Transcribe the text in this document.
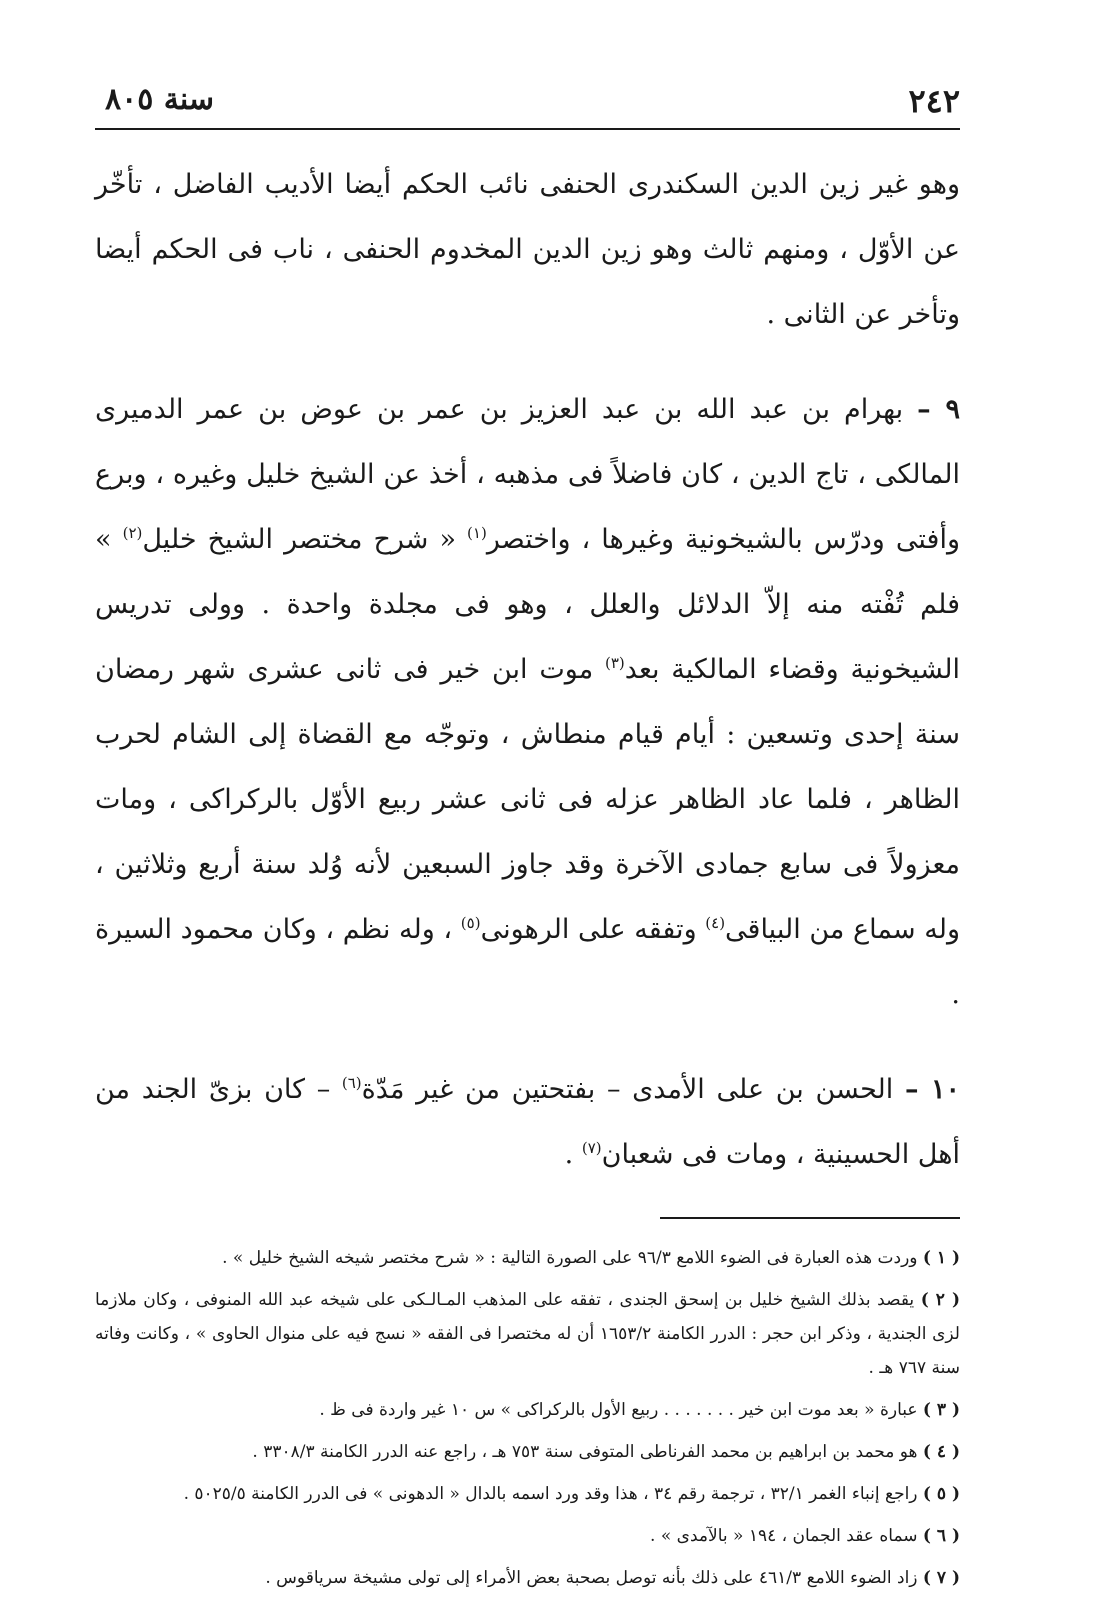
٢٤٢
سنة ٨٠٥

وهو غير زين الدين السكندرى الحنفى نائب الحكم أيضا الأديب الفاضل ، تأخّر عن الأوّل ، ومنهم ثالث وهو زين الدين المخدوم الحنفى ، ناب فى الحكم أيضا وتأخر عن الثانى .

٩ – بهرام بن عبد الله بن عبد العزيز بن عمر بن عوض بن عمر الدميرى المالكى ، تاج الدين ، كان فاضلاً فى مذهبه ، أخذ عن الشيخ خليل وغيره ، وبرع وأفتى ودرّس بالشيخونية وغيرها ، واختصر$^{(١)}$ « شرح مختصر الشيخ خليل$^{(٢)}$ » فلم تُفْته منه إلاّ الدلائل والعلل ، وهو فى مجلدة واحدة . وولى تدريس الشيخونية وقضاء المالكية بعد$^{(٣)}$ موت ابن خير فى ثانى عشرى شهر رمضان سنة إحدى وتسعين : أيام قيام منطاش ، وتوجّه مع القضاة إلى الشام لحرب الظاهر ، فلما عاد الظاهر عزله فى ثانى عشر ربيع الأوّل بالركراكى ، ومات معزولاً فى سابع جمادى الآخرة وقد جاوز السبعين لأنه وُلد سنة أربع وثلاثين ، وله سماع من البياقى$^{(٤)}$ وتفقه على الرهونى$^{(٥)}$ ، وله نظم ، وكان محمود السيرة .

١٠ – الحسن بن على الأمدى – بفتحتين من غير مَدّة$^{(٦)}$ – كان بزىّ الجند من أهل الحسينية ، ومات فى شعبان$^{(٧)}$ .

( ١ ) وردت هذه العبارة فى الضوء اللامع ٩٦/٣ على الصورة التالية : « شرح مختصر شيخه الشيخ خليل » .

( ٢ ) يقصد بذلك الشيخ خليل بن إسحق الجندى ، تفقه على المذهب المـالـكى على شيخه عبد الله المنوفى ، وكان ملازما لزى الجندية ، وذكر ابن حجر : الدرر الكامنة ١٦٥٣/٢ أن له مختصرا فى الفقه « نسج فيه على منوال الحاوى » ، وكانت وفاته سنة ٧٦٧ هـ .

( ٣ ) عبارة « بعد موت ابن خير . . . . . . . ربيع الأول بالركراكى » س ١٠ غير واردة فى ظ .

( ٤ ) هو محمد بن ابراهيم بن محمد الفرناطى المتوفى سنة ٧٥٣ هـ ، راجع عنه الدرر الكامنة ٣٣٠٨/٣ .

( ٥ ) راجع إنباء الغمر ٣٢/١ ، ترجمة رقم ٣٤ ، هذا وقد ورد اسمه بالدال « الدهونى » فى الدرر الكامنة ٥٠٢٥/٥ .

( ٦ ) سماه عقد الجمان ، ١٩٤ « بالآمدى » .

( ٧ ) زاد الضوء اللامع ٤٦١/٣ على ذلك بأنه توصل بصحبة بعض الأمراء إلى تولى مشيخة سرياقوس .
